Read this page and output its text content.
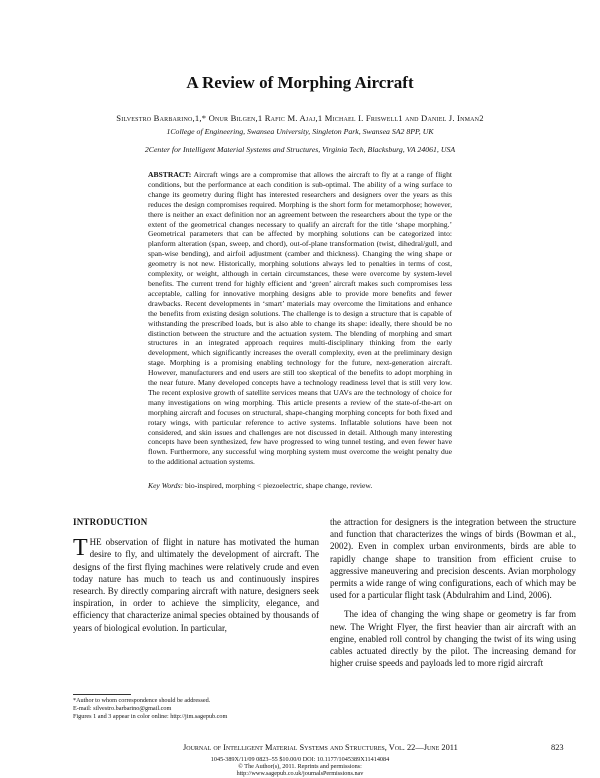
A Review of Morphing Aircraft
Silvestro Barbarino,1,* Onur Bilgen,1 Rafic M. Ajaj,1 Michael I. Friswell1 and Daniel J. Inman2
1College of Engineering, Swansea University, Singleton Park, Swansea SA2 8PP, UK
2Center for Intelligent Material Systems and Structures, Virginia Tech, Blacksburg, VA 24061, USA
ABSTRACT: Aircraft wings are a compromise that allows the aircraft to fly at a range of flight conditions, but the performance at each condition is sub-optimal. The ability of a wing surface to change its geometry during flight has interested researchers and designers over the years as this reduces the design compromises required. Morphing is the short form for metamorphose; however, there is neither an exact definition nor an agreement between the researchers about the type or the extent of the geometrical changes necessary to qualify an aircraft for the title ‘shape morphing.’ Geometrical parameters that can be affected by morphing solutions can be categorized into: planform alteration (span, sweep, and chord), out-of-plane transformation (twist, dihedral/gull, and span-wise bending), and airfoil adjustment (camber and thickness). Changing the wing shape or geometry is not new. Historically, morphing solutions always led to penalties in terms of cost, complexity, or weight, although in certain circumstances, these were overcome by system-level benefits. The current trend for highly efficient and ‘green’ aircraft makes such compromises less acceptable, calling for innovative morphing designs able to provide more benefits and fewer drawbacks. Recent developments in ‘smart’ materials may overcome the limitations and enhance the benefits from existing design solutions. The challenge is to design a structure that is capable of withstanding the prescribed loads, but is also able to change its shape: ideally, there should be no distinction between the structure and the actuation system. The blending of morphing and smart structures in an integrated approach requires multi-disciplinary thinking from the early development, which significantly increases the overall complexity, even at the preliminary design stage. Morphing is a promising enabling technology for the future, next-generation aircraft. However, manufacturers and end users are still too skeptical of the benefits to adopt morphing in the near future. Many developed concepts have a technology readiness level that is still very low. The recent explosive growth of satellite services means that UAVs are the technology of choice for many investigations on wing morphing. This article presents a review of the state-of-the-art on morphing aircraft and focuses on structural, shape-changing morphing concepts for both fixed and rotary wings, with particular reference to active systems. Inflatable solutions have been not considered, and skin issues and challenges are not discussed in detail. Although many interesting concepts have been synthesized, few have progressed to wing tunnel testing, and even fewer have flown. Furthermore, any successful wing morphing system must overcome the weight penalty due to the additional actuation systems.
Key Words: bio-inspired, morphing < piezoelectric, shape change, review.
INTRODUCTION
THE observation of flight in nature has motivated the human desire to fly, and ultimately the development of aircraft. The designs of the first flying machines were relatively crude and even today nature has much to teach us and continuously inspires research. By directly comparing aircraft with nature, designers seek inspiration, in order to achieve the simplicity, elegance, and efficiency that characterize animal species obtained by thousands of years of biological evolution. In particular,

the attraction for designers is the integration between the structure and function that characterizes the wings of birds (Bowman et al., 2002). Even in complex urban environments, birds are able to rapidly change shape to transition from efficient cruise to aggressive maneuvering and precision descents. Avian morphology permits a wide range of wing configurations, each of which may be used for a particular flight task (Abdulrahim and Lind, 2006).

The idea of changing the wing shape or geometry is far from new. The Wright Flyer, the first heavier than air aircraft with an engine, enabled roll control by changing the twist of its wing using cables actuated directly by the pilot. The increasing demand for higher cruise speeds and payloads led to more rigid aircraft

*Author to whom correspondence should be addressed.
E-mail: silvestro.barbarino@gmail.com
Figures 1 and 3 appear in color online: http://jim.sagepub.com
Journal of Intelligent Material Systems and Structures, Vol. 22—June 2011	823
1045-389X/11/09 0823–55 $10.00/0 DOI: 10.1177/1045389X11414084
© The Author(s), 2011. Reprints and permissions:
http://www.sagepub.co.uk/journalsPermissions.nav
